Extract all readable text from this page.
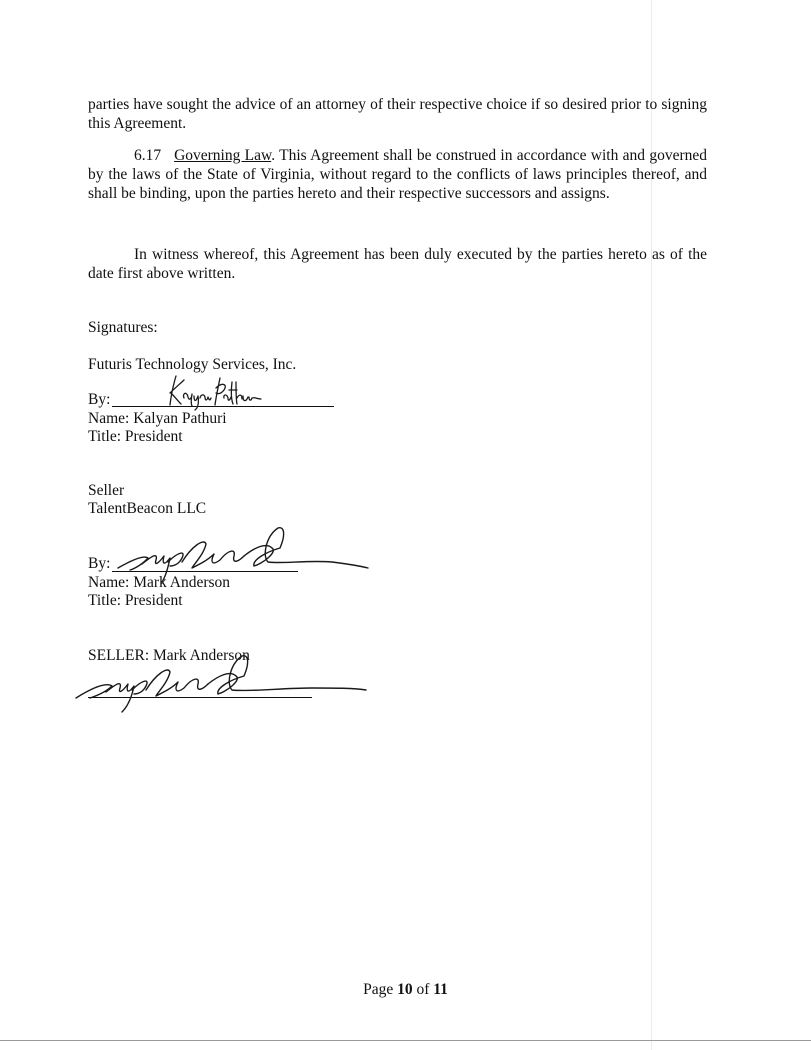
parties have sought the advice of an attorney of their respective choice if so desired prior to signing this Agreement.

6.17 Governing Law. This Agreement shall be construed in accordance with and governed by the laws of the State of Virginia, without regard to the conflicts of laws principles thereof, and shall be binding, upon the parties hereto and their respective successors and assigns.

In witness whereof, this Agreement has been duly executed by the parties hereto as of the date first above written.

Signatures:
Futuris Technology Services, Inc.
By:
Name: Kalyan Pathuri
Title: President
Seller
TalentBeacon LLC
By:
Name: Mark Anderson
Title: President
SELLER: Mark Anderson
Page 10 of 11
